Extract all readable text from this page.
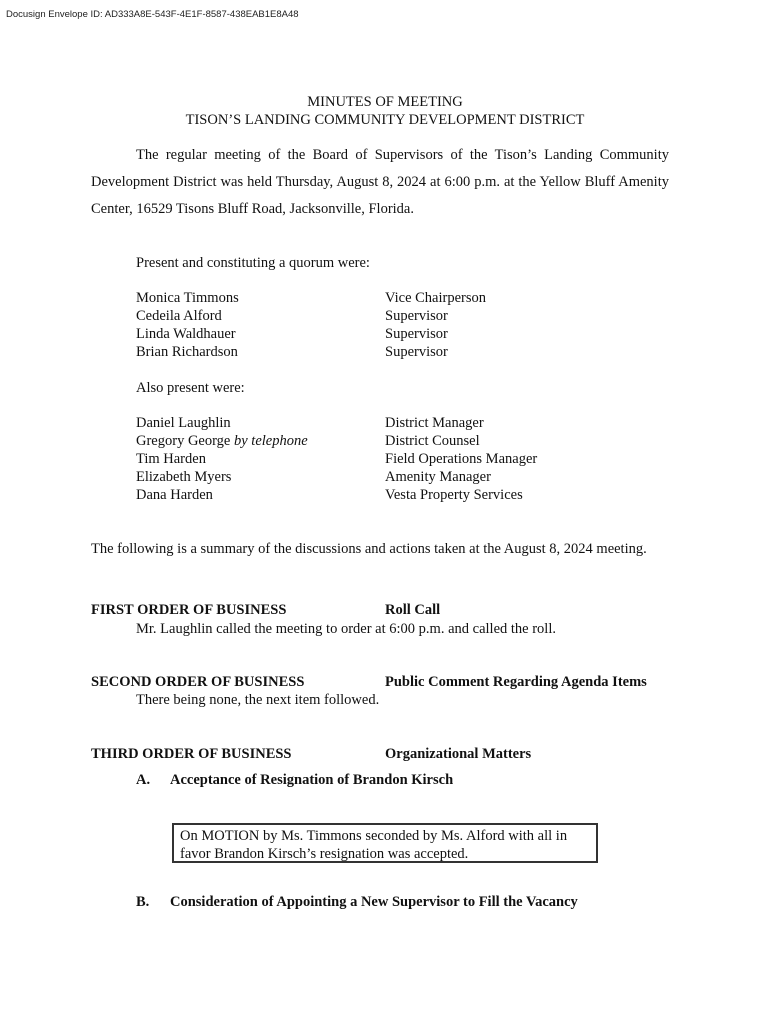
Docusign Envelope ID: AD333A8E-543F-4E1F-8587-438EAB1E8A48
MINUTES OF MEETING
TISON’S LANDING COMMUNITY DEVELOPMENT DISTRICT
The regular meeting of the Board of Supervisors of the Tison’s Landing Community Development District was held Thursday, August 8, 2024 at 6:00 p.m. at the Yellow Bluff Amenity Center, 16529 Tisons Bluff Road, Jacksonville, Florida.
Present and constituting a quorum were:
Monica Timmons	Vice Chairperson
Cedeila Alford	Supervisor
Linda Waldhauer	Supervisor
Brian Richardson	Supervisor
Also present were:
Daniel Laughlin	District Manager
Gregory George by telephone	District Counsel
Tim Harden	Field Operations Manager
Elizabeth Myers	Amenity Manager
Dana Harden	Vesta Property Services
The following is a summary of the discussions and actions taken at the August 8, 2024 meeting.
FIRST ORDER OF BUSINESS	Roll Call
Mr. Laughlin called the meeting to order at 6:00 p.m. and called the roll.
SECOND ORDER OF BUSINESS	Public Comment Regarding Agenda Items
There being none, the next item followed.
THIRD ORDER OF BUSINESS	Organizational Matters
A. Acceptance of Resignation of Brandon Kirsch
On MOTION by Ms. Timmons seconded by Ms. Alford with all in
favor Brandon Kirsch’s resignation was accepted.
B. Consideration of Appointing a New Supervisor to Fill the Vacancy
